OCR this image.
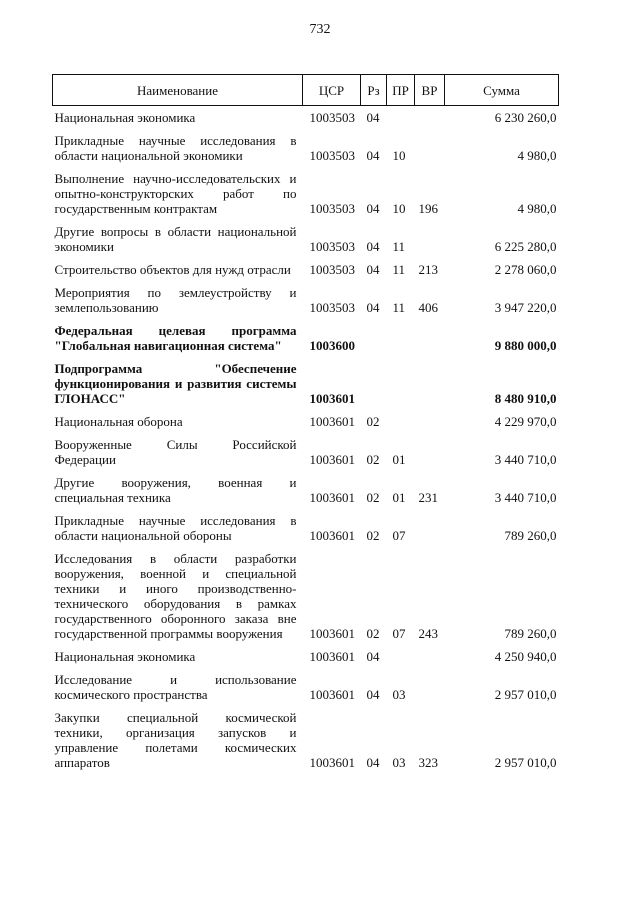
732
Наименование	ЦСР	Рз	ПР	ВР	Сумма
Национальная экономика	1003503	04			6 230 260,0
Прикладные научные исследования в области национальной экономики	1003503	04	10		4 980,0
Выполнение научно-исследовательских и опытно-конструкторских работ по государственным контрактам	1003503	04	10	196	4 980,0
Другие вопросы в области национальной экономики	1003503	04	11		6 225 280,0
Строительство объектов для нужд отрасли	1003503	04	11	213	2 278 060,0
Мероприятия по землеустройству и землепользованию	1003503	04	11	406	3 947 220,0
Федеральная целевая программа "Глобальная навигационная система"	1003600				9 880 000,0
Подпрограмма "Обеспечение функционирования и развития системы ГЛОНАСС"	1003601				8 480 910,0
Национальная оборона	1003601	02			4 229 970,0
Вооруженные Силы Российской Федерации	1003601	02	01		3 440 710,0
Другие вооружения, военная и специальная техника	1003601	02	01	231	3 440 710,0
Прикладные научные исследования в области национальной обороны	1003601	02	07		789 260,0
Исследования в области разработки вооружения, военной и специальной техники и иного производственно-технического оборудования в рамках государственного оборонного заказа вне государственной программы вооружения	1003601	02	07	243	789 260,0
Национальная экономика	1003601	04			4 250 940,0
Исследование и использование космического пространства	1003601	04	03		2 957 010,0
Закупки специальной космической техники, организация запусков и управление полетами космических аппаратов	1003601	04	03	323	2 957 010,0
